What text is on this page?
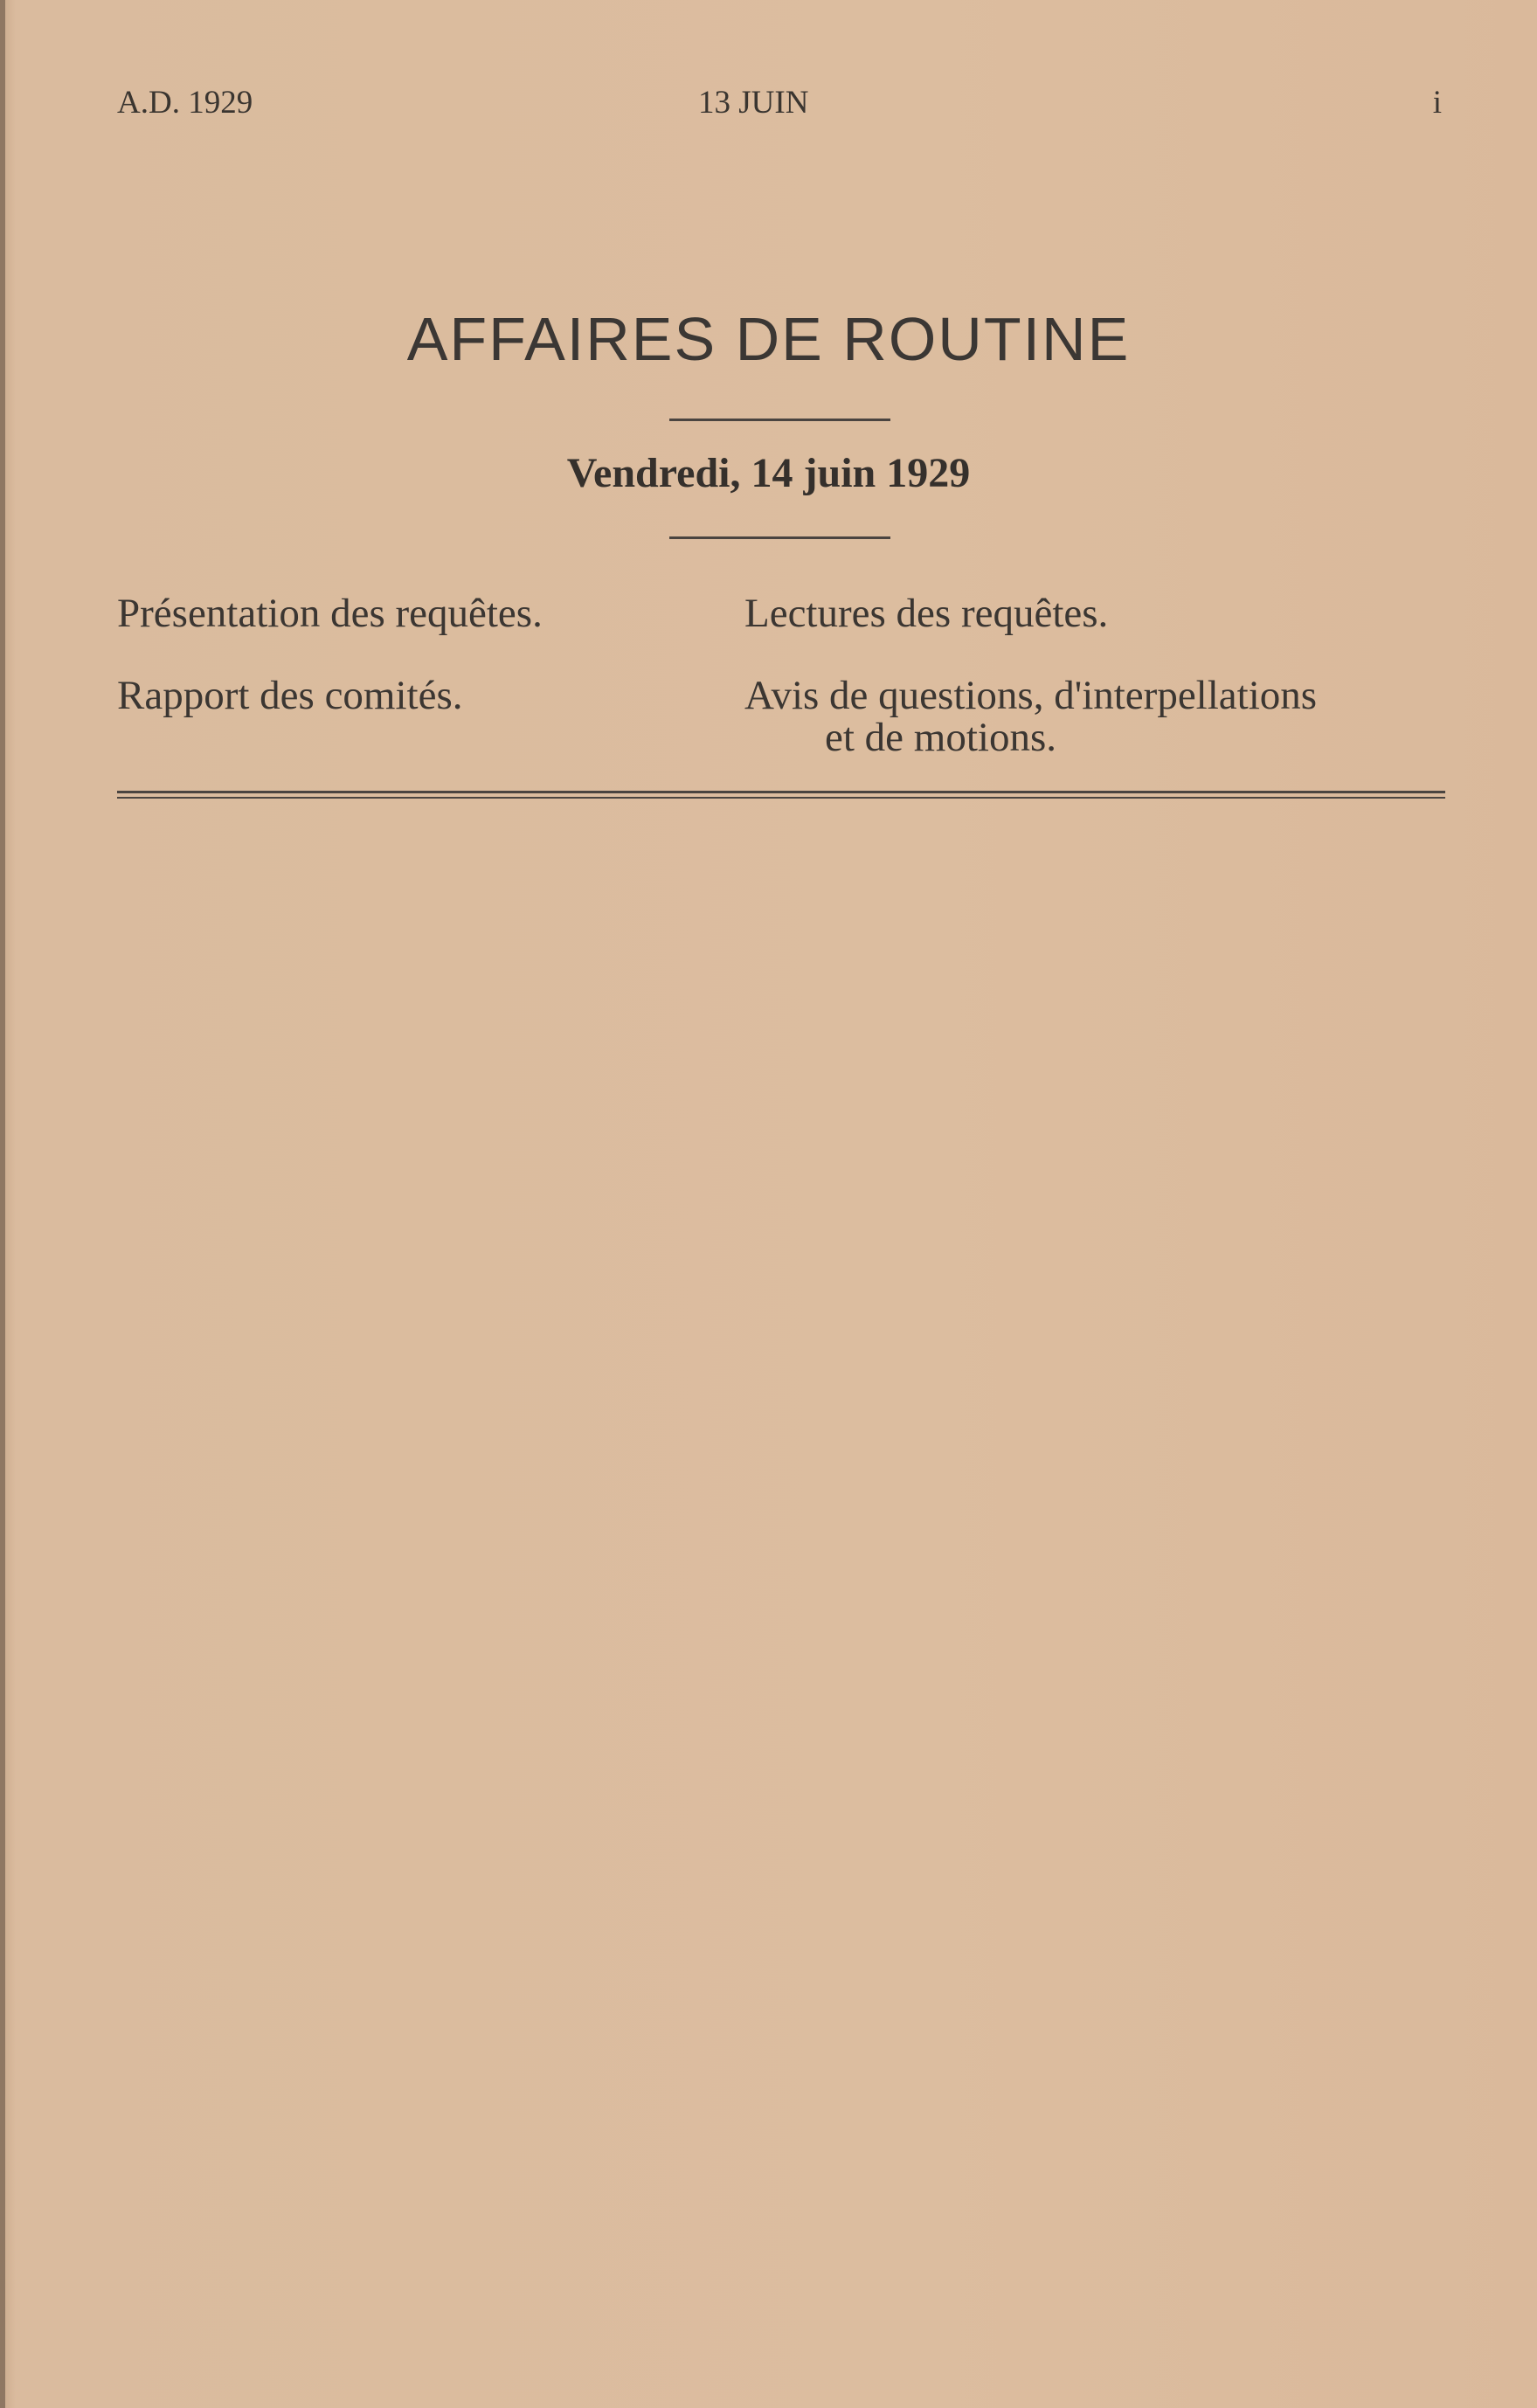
A.D. 1929	13 JUIN	i
AFFAIRES DE ROUTINE
Vendredi, 14 juin 1929
Présentation des requêtes.
Rapport des comités.
Lectures des requêtes.
Avis de questions, d'interpellations
et de motions.
